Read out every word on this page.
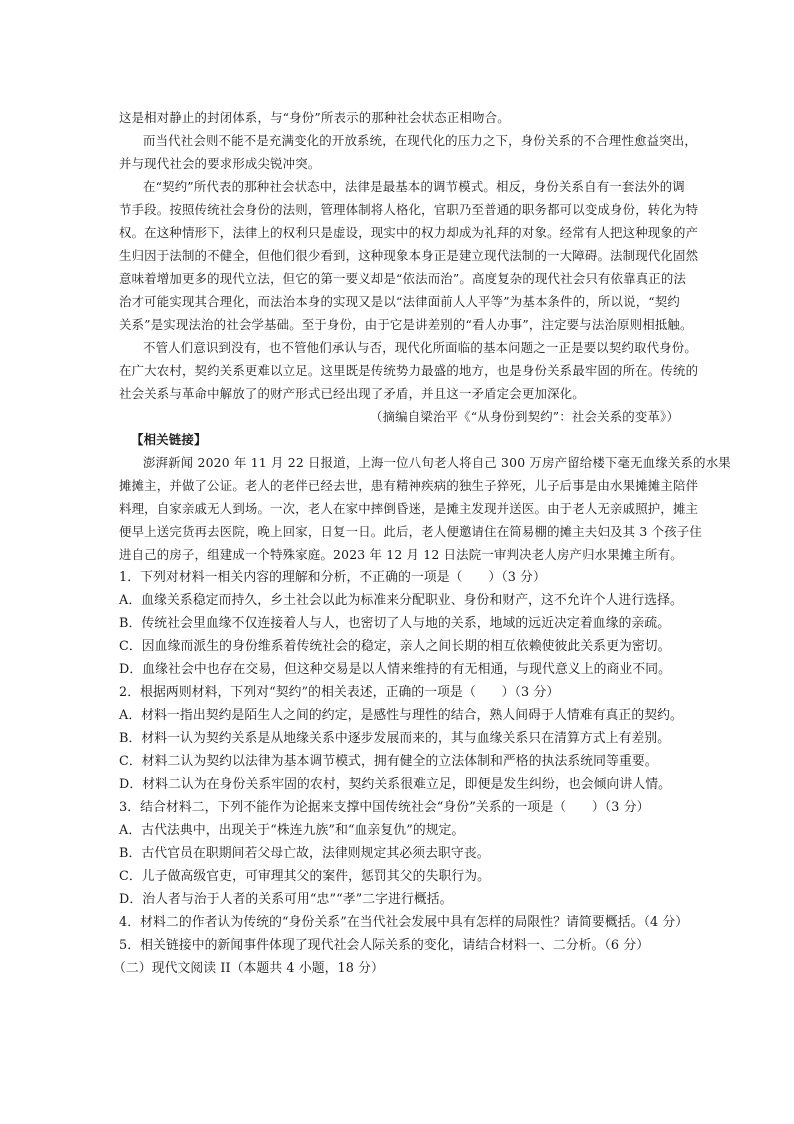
这是相对静止的封闭体系，与“身份”所表示的那种社会状态正相吻合。
而当代社会则不能不是充满变化的开放系统，在现代化的压力之下，身份关系的不合理性愈益突出，
并与现代社会的要求形成尖锐冲突。
在“契约”所代表的那种社会状态中，法律是最基本的调节模式。相反，身份关系自有一套法外的调
节手段。按照传统社会身份的法则，管理体制将人格化，官职乃至普通的职务都可以变成身份，转化为特
权。在这种情形下，法律上的权利只是虚设，现实中的权力却成为礼拜的对象。经常有人把这种现象的产
生归因于法制的不健全，但他们很少看到，这种现象本身正是建立现代法制的一大障碍。法制现代化固然
意味着增加更多的现代立法，但它的第一要义却是“依法而治”。高度复杂的现代社会只有依靠真正的法
治才可能实现其合理化，而法治本身的实现又是以“法律面前人人平等”为基本条件的，所以说，“契约
关系”是实现法治的社会学基础。至于身份，由于它是讲差别的“看人办事”，注定要与法治原则相抵触。
不管人们意识到没有，也不管他们承认与否，现代化所面临的基本问题之一正是要以契约取代身份。
在广大农村，契约关系更难以立足。这里既是传统势力最盛的地方，也是身份关系最牢固的所在。传统的
社会关系与革命中解放了的财产形式已经出现了矛盾，并且这一矛盾定会更加深化。
（摘编自梁治平《“从身份到契约”：社会关系的变革》）
【相关链接】
澎湃新闻 2020 年 11 月 22 日报道，上海一位八旬老人将自己 300 万房产留给楼下毫无血缘关系的水果
摊摊主，并做了公证。老人的老伴已经去世，患有精神疾病的独生子猝死，儿子后事是由水果摊摊主陪伴
料理，自家亲戚无人到场。一次，老人在家中摔倒昏迷，是摊主发现并送医。由于老人无亲戚照护，摊主
便早上送完货再去医院，晚上回家，日复一日。此后，老人便邀请住在简易棚的摊主夫妇及其 3 个孩子住
进自己的房子，组建成一个特殊家庭。2023 年 12 月 12 日法院一审判决老人房产归水果摊主所有。
1．下列对材料一相关内容的理解和分析，不正确的一项是（　　）（3 分）
A．血缘关系稳定而持久，乡土社会以此为标准来分配职业、身份和财产，这不允许个人进行选择。
B．传统社会里血缘不仅连接着人与人，也密切了人与地的关系，地域的远近决定着血缘的亲疏。
C．因血缘而派生的身份维系着传统社会的稳定，亲人之间长期的相互依赖使彼此关系更为密切。
D．血缘社会中也存在交易，但这种交易是以人情来维持的有无相通，与现代意义上的商业不同。
2．根据两则材料，下列对“契约”的相关表述，正确的一项是（　　）（3 分）
A．材料一指出契约是陌生人之间的约定，是感性与理性的结合，熟人间碍于人情难有真正的契约。
B．材料一认为契约关系是从地缘关系中逐步发展而来的，其与血缘关系只在清算方式上有差别。
C．材料二认为契约以法律为基本调节模式，拥有健全的立法体制和严格的执法系统同等重要。
D．材料二认为在身份关系牢固的农村，契约关系很难立足，即便是发生纠纷，也会倾向讲人情。
3．结合材料二，下列不能作为论据来支撑中国传统社会“身份”关系的一项是（　　）（3 分）
A．古代法典中，出现关于“株连九族”和“血亲复仇”的规定。
B．古代官员在职期间若父母亡故，法律则规定其必须去职守丧。
C．儿子做高级官吏，可审理其父的案件，惩罚其父的失职行为。
D．治人者与治于人者的关系可用“忠”“孝”二字进行概括。
4．材料二的作者认为传统的“身份关系”在当代社会发展中具有怎样的局限性？请简要概括。（4 分）
5．相关链接中的新闻事件体现了现代社会人际关系的变化，请结合材料一、二分析。（6 分）
（二）现代文阅读 II（本题共 4 小题，18 分）
